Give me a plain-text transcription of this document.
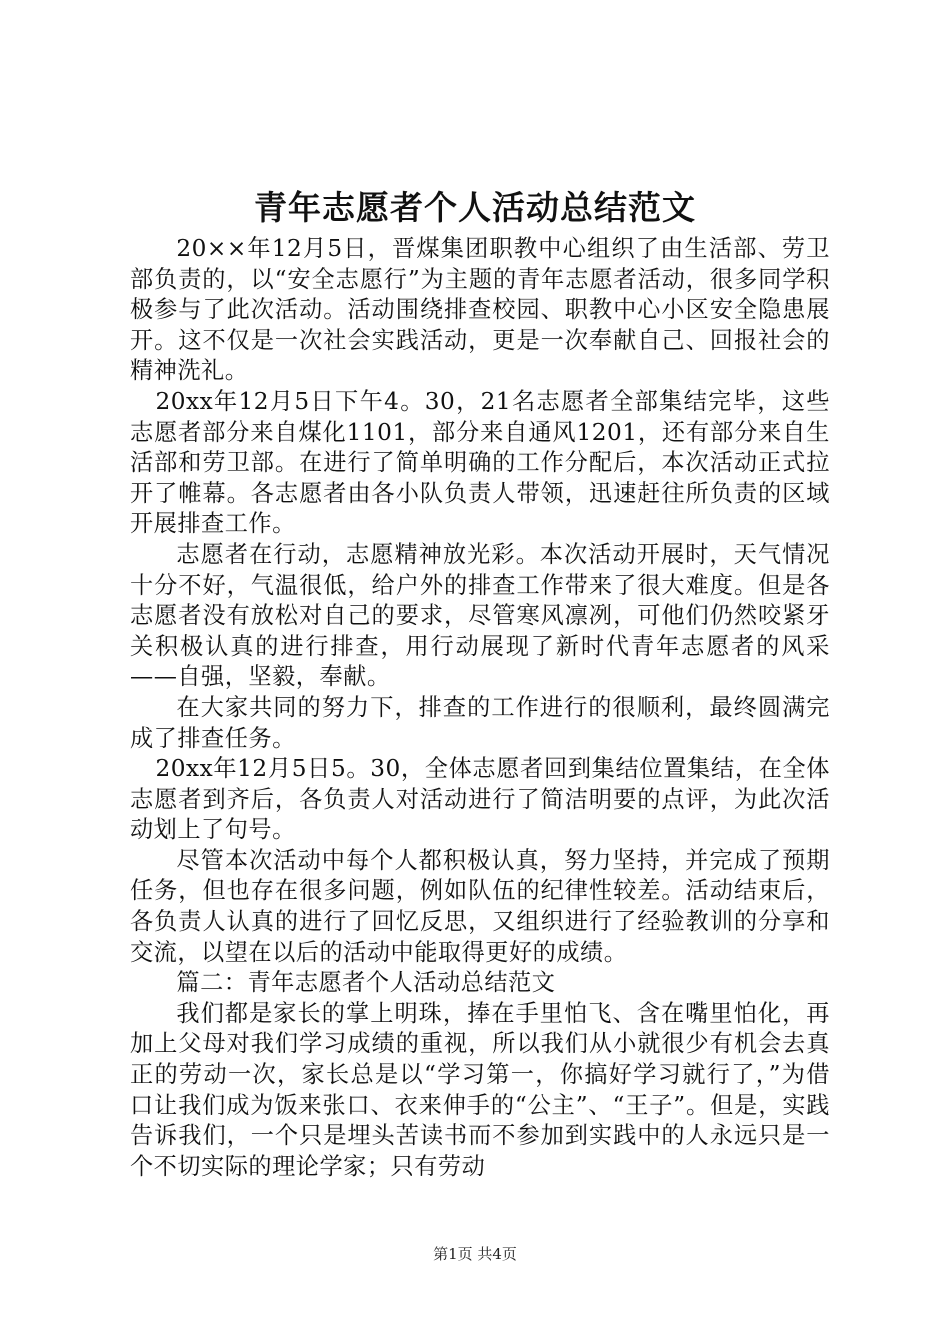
青年志愿者个人活动总结范文

20××年12月5日，晋煤集团职教中心组织了由生活部、劳卫部负责的，以“安全志愿行”为主题的青年志愿者活动，很多同学积极参与了此次活动。活动围绕排查校园、职教中心小区安全隐患展开。这不仅是一次社会实践活动，更是一次奉献自己、回报社会的精神洗礼。

20xx年12月5日下午4。30，21名志愿者全部集结完毕，这些志愿者部分来自煤化1101，部分来自通风1201，还有部分来自生活部和劳卫部。在进行了简单明确的工作分配后，本次活动正式拉开了帷幕。各志愿者由各小队负责人带领，迅速赶往所负责的区域开展排查工作。

志愿者在行动，志愿精神放光彩。本次活动开展时，天气情况十分不好，气温很低，给户外的排查工作带来了很大难度。但是各志愿者没有放松对自己的要求，尽管寒风凛冽，可他们仍然咬紧牙关积极认真的进行排查，用行动展现了新时代青年志愿者的风采——自强，坚毅，奉献。

在大家共同的努力下，排查的工作进行的很顺利，最终圆满完成了排查任务。

20xx年12月5日5。30，全体志愿者回到集结位置集结，在全体志愿者到齐后，各负责人对活动进行了简洁明要的点评，为此次活动划上了句号。

尽管本次活动中每个人都积极认真，努力坚持，并完成了预期任务，但也存在很多问题，例如队伍的纪律性较差。活动结束后，各负责人认真的进行了回忆反思，又组织进行了经验教训的分享和交流，以望在以后的活动中能取得更好的成绩。

篇二：青年志愿者个人活动总结范文

我们都是家长的掌上明珠，捧在手里怕飞、含在嘴里怕化，再加上父母对我们学习成绩的重视，所以我们从小就很少有机会去真正的劳动一次，家长总是以“学习第一，你搞好学习就行了，”为借口让我们成为饭来张口、衣来伸手的“公主”、“王子”。但是，实践告诉我们，一个只是埋头苦读书而不参加到实践中的人永远只是一个不切实际的理论学家；只有劳动

第1页 共4页
